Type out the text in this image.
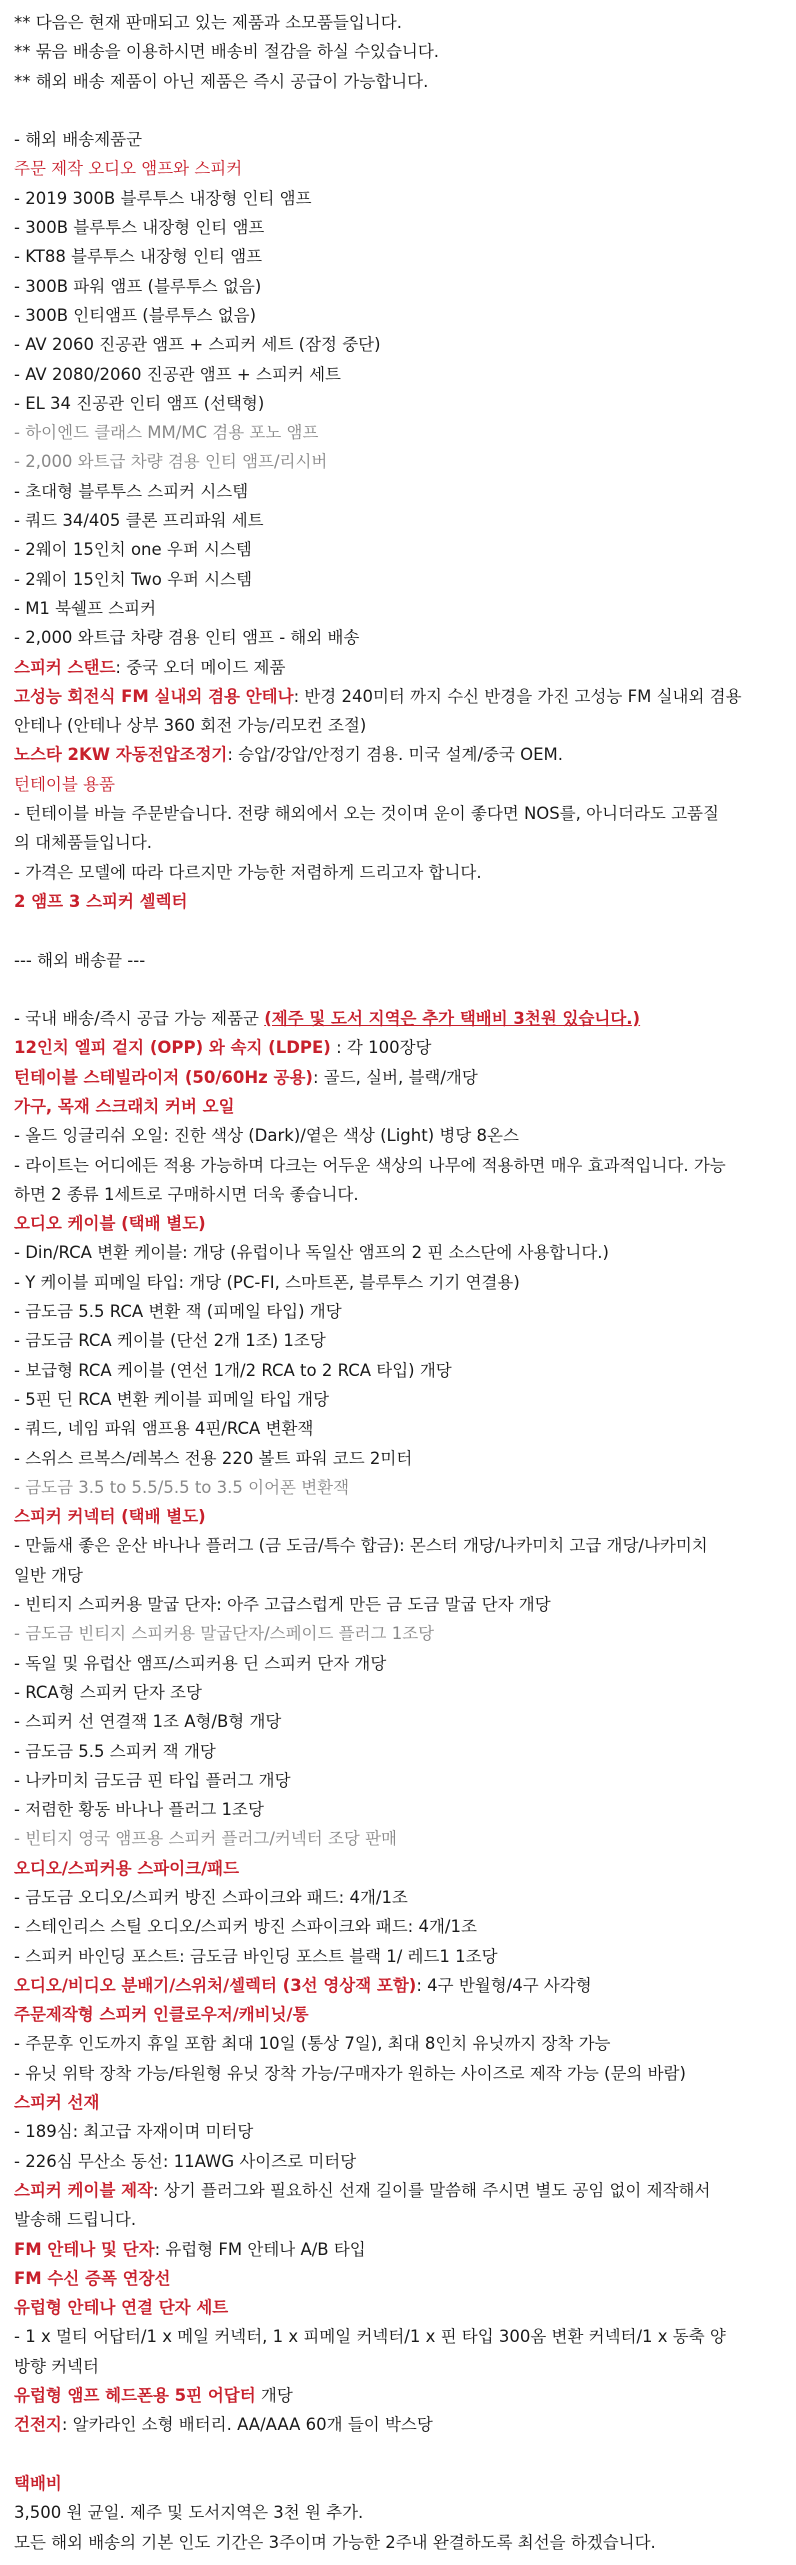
** 다음은 현재 판매되고 있는 제품과 소모품들입니다.
** 묶음 배송을 이용하시면 배송비 절감을 하실 수있습니다.
** 해외 배송 제품이 아닌 제품은 즉시 공급이 가능합니다.
- 해외 배송제품군
주문 제작 오디오 앰프와 스피커
- 2019 300B 블루투스 내장형 인티 앰프
- 300B 블루투스 내장형 인티 앰프
- KT88 블루투스 내장형 인티 앰프
- 300B 파워 앰프 (블루투스 없음)
- 300B 인티앰프 (블루투스 없음)
- AV 2060 진공관 앰프 + 스피커 세트 (잠정 중단)
- AV 2080/2060 진공관 앰프 + 스피커 세트
- EL 34 진공관 인티 앰프 (선택형)
- 하이엔드 클래스 MM/MC 겸용 포노 앰프
- 2,000 와트급 차량 겸용 인티 앰프/리시버
- 초대형 블루투스 스피커 시스템
- 쿼드 34/405 클론 프리파워 세트
- 2웨이 15인치 one 우퍼 시스템
- 2웨이 15인치 Two 우퍼 시스템
- M1 북쉘프 스피커
- 2,000 와트급 차량 겸용 인티 앰프 - 해외 배송
스피커 스탠드: 중국 오더 메이드 제품
고성능 회전식 FM 실내외 겸용 안테나: 반경 240미터 까지 수신 반경을 가진 고성능 FM 실내외 겸용
안테나 (안테나 상부 360 회전 가능/리모컨 조절)
노스타 2KW 자동전압조정기: 승압/강압/안정기 겸용. 미국 설계/중국 OEM.
턴테이블 용품
- 턴테이블 바늘 주문받습니다. 전량 해외에서 오는 것이며 운이 좋다면 NOS를, 아니더라도 고품질
의 대체품들입니다.
- 가격은 모델에 따라 다르지만 가능한 저렴하게 드리고자 합니다.
2 앰프 3 스피커 셀렉터
--- 해외 배송끝 ---
- 국내 배송/즉시 공급 가능 제품군 (제주 및 도서 지역은 추가 택배비 3천원 있습니다.)
12인치 엘피 겉지 (OPP) 와 속지 (LDPE) : 각 100장당
턴테이블 스테빌라이저 (50/60Hz 공용): 골드, 실버, 블랙/개당
가구, 목재 스크래치 커버 오일
- 올드 잉글리쉬 오일: 진한 색상 (Dark)/옅은 색상 (Light) 병당 8온스
- 라이트는 어디에든 적용 가능하며 다크는 어두운 색상의 나무에 적용하면 매우 효과적입니다. 가능
하면 2 종류 1세트로 구매하시면 더욱 좋습니다.
오디오 케이블 (택배 별도)
- Din/RCA 변환 케이블: 개당 (유럽이나 독일산 앰프의 2 핀 소스단에 사용합니다.)
- Y 케이블 피메일 타입: 개당 (PC-FI, 스마트폰, 블루투스 기기 연결용)
- 금도금 5.5 RCA 변환 잭 (피메일 타입) 개당
- 금도금 RCA 케이블 (단선 2개 1조) 1조당
- 보급형 RCA 케이블 (연선 1개/2 RCA to 2 RCA 타입) 개당
- 5핀 딘 RCA 변환 케이블 피메일 타입 개당
- 쿼드, 네임 파워 앰프용 4핀/RCA 변환잭
- 스위스 르복스/레복스 전용 220 볼트 파워 코드 2미터
- 금도금 3.5 to 5.5/5.5 to 3.5 이어폰 변환잭
스피커 커넥터 (택배 별도)
- 만듦새 좋은 운산 바나나 플러그 (금 도금/특수 합금): 몬스터 개당/나카미치 고급 개당/나카미치
일반 개당
- 빈티지 스피커용 말굽 단자: 아주 고급스럽게 만든 금 도금 말굽 단자 개당
- 금도금 빈티지 스피커용 말굽단자/스페이드 플러그 1조당
- 독일 및 유럽산 앰프/스피커용 딘 스피커 단자 개당
- RCA형 스피커 단자 조당
- 스피커 선 연결잭 1조 A형/B형 개당
- 금도금 5.5 스피커 잭 개당
- 나카미치 금도금 핀 타입 플러그 개당
- 저렴한 황동 바나나 플러그 1조당
- 빈티지 영국 앰프용 스피커 플러그/커넥터 조당 판매
오디오/스피커용 스파이크/패드
- 금도금 오디오/스피커 방진 스파이크와 패드: 4개/1조
- 스테인리스 스틸 오디오/스피커 방진 스파이크와 패드: 4개/1조
- 스피커 바인딩 포스트: 금도금 바인딩 포스트 블랙 1/ 레드1 1조당
오디오/비디오 분배기/스위처/셀렉터 (3선 영상잭 포함): 4구 반월형/4구 사각형
주문제작형 스피커 인클로우저/캐비닛/통
- 주문후 인도까지 휴일 포함 최대 10일 (통상 7일), 최대 8인치 유닛까지 장착 가능
- 유닛 위탁 장착 가능/타원형 유닛 장착 가능/구매자가 원하는 사이즈로 제작 가능 (문의 바람)
스피커 선재
- 189심: 최고급 자재이며 미터당
- 226심 무산소 동선: 11AWG 사이즈로 미터당
스피커 케이블 제작: 상기 플러그와 필요하신 선재 길이를 말씀해 주시면 별도 공임 없이 제작해서
발송해 드립니다.
FM 안테나 및 단자: 유럽형 FM 안테나 A/B 타입
FM 수신 증폭 연장선
유럽형 안테나 연결 단자 세트
- 1 x 멀티 어답터/1 x 메일 커넥터, 1 x 피메일 커넥터/1 x 핀 타입 300옴 변환 커넥터/1 x 동축 양
방향 커넥터
유럽형 앰프 헤드폰용 5핀 어답터 개당
건전지: 알카라인 소형 배터리. AA/AAA 60개 들이 박스당
택배비
3,500 원 균일. 제주 및 도서지역은 3천 원 추가.
모든 해외 배송의 기본 인도 기간은 3주이며 가능한 2주내 완결하도록 최선을 하겠습니다.
